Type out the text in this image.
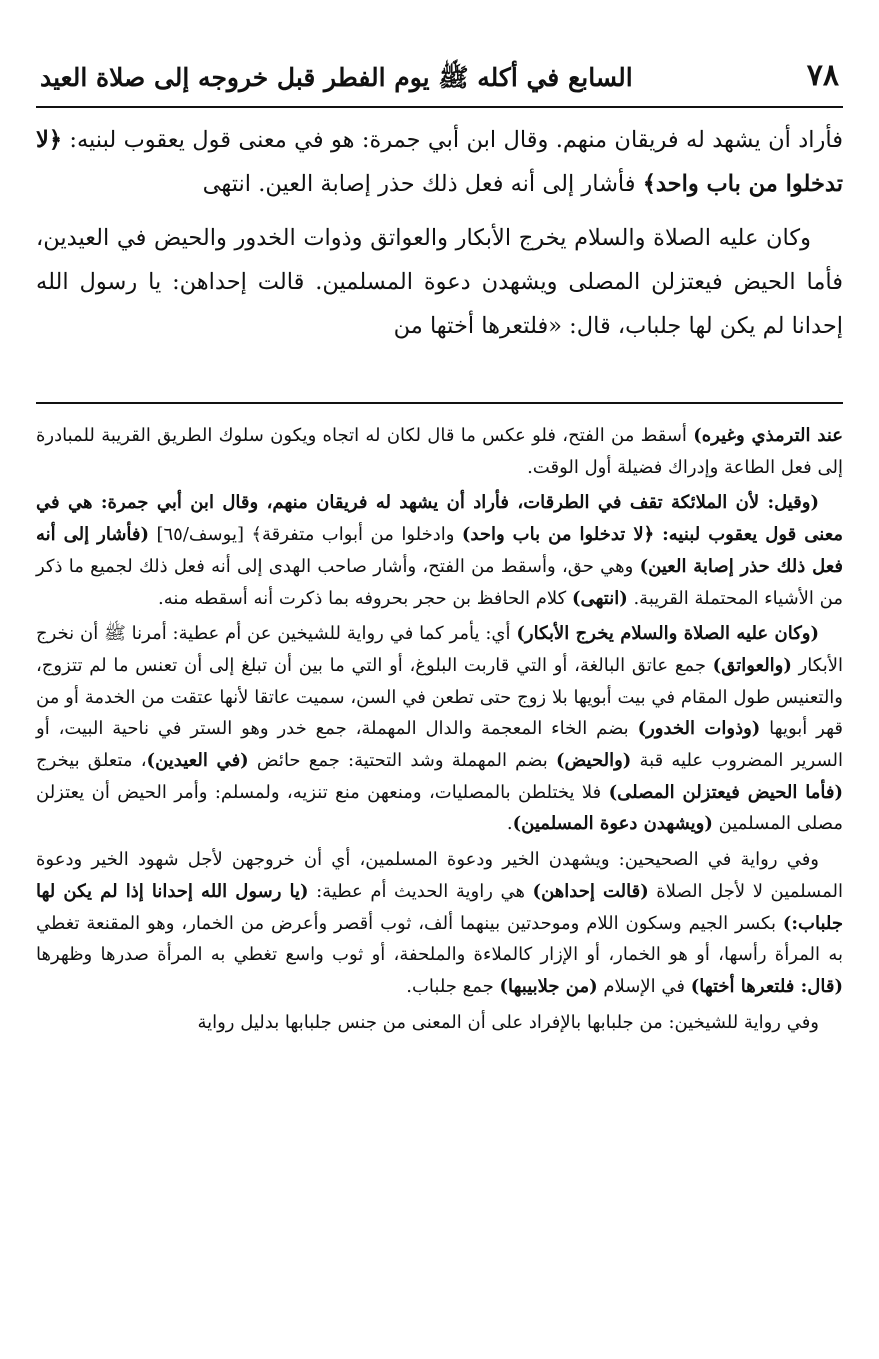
٧٨
السابع في أكله ﷺ يوم الفطر قبل خروجه إلى صلاة العيد

فأراد أن يشهد له فريقان منهم. وقال ابن أبي جمرة: هو في معنى قول يعقوب لبنيه: ﴿لا تدخلوا من باب واحد﴾ فأشار إلى أنه فعل ذلك حذر إصابة العين. انتهى

وكان عليه الصلاة والسلام يخرج الأبكار والعواتق وذوات الخدور والحيض في العيدين، فأما الحيض فيعتزلن المصلى ويشهدن دعوة المسلمين. قالت إحداهن: يا رسول الله إحدانا لم يكن لها جلباب، قال: «فلتعرها أختها من

عند الترمذي وغيره) أسقط من الفتح، فلو عكس ما قال لكان له اتجاه ويكون سلوك الطريق القريبة للمبادرة إلى فعل الطاعة وإدراك فضيلة أول الوقت.

(وقيل: لأن الملائكة تقف في الطرقات، فأراد أن يشهد له فريقان منهم، وقال ابن أبي جمرة: هي في معنى قول يعقوب لبنيه: ﴿لا تدخلوا من باب واحد) وادخلوا من أبواب متفرقة﴾ [يوسف/٦٥] (فأشار إلى أنه فعل ذلك حذر إصابة العين) وهي حق، وأسقط من الفتح، وأشار صاحب الهدى إلى أنه فعل ذلك لجميع ما ذكر من الأشياء المحتملة القريبة. (انتهى) كلام الحافظ بن حجر بحروفه بما ذكرت أنه أسقطه منه.

(وكان عليه الصلاة والسلام يخرج الأبكار) أي: يأمر كما في رواية للشيخين عن أم عطية: أمرنا ﷺ أن نخرج الأبكار (والعواتق) جمع عاتق البالغة، أو التي قاربت البلوغ، أو التي ما بين أن تبلغ إلى أن تعنس ما لم تتزوج، والتعنيس طول المقام في بيت أبويها بلا زوج حتى تطعن في السن، سميت عاتقا لأنها عتقت من الخدمة أو من قهر أبويها (وذوات الخدور) بضم الخاء المعجمة والدال المهملة، جمع خدر وهو الستر في ناحية البيت، أو السرير المضروب عليه قبة (والحيض) بضم المهملة وشد التحتية: جمع حائض (في العيدين)، متعلق بيخرج (فأما الحيض فيعتزلن المصلى) فلا يختلطن بالمصليات، ومنعهن منع تنزيه، ولمسلم: وأمر الحيض أن يعتزلن مصلى المسلمين (ويشهدن دعوة المسلمين).

وفي رواية في الصحيحين: ويشهدن الخير ودعوة المسلمين، أي أن خروجهن لأجل شهود الخير ودعوة المسلمين لا لأجل الصلاة (قالت إحداهن) هي راوية الحديث أم عطية: (يا رسول الله إحدانا إذا لم يكن لها جلباب:) بكسر الجيم وسكون اللام وموحدتين بينهما ألف، ثوب أقصر وأعرض من الخمار، وهو المقنعة تغطي به المرأة رأسها، أو هو الخمار، أو الإزار كالملاءة والملحفة، أو ثوب واسع تغطي به المرأة صدرها وظهرها (قال: فلتعرها أختها) في الإسلام (من جلابيبها) جمع جلباب.

وفي رواية للشيخين: من جلبابها بالإفراد على أن المعنى من جنس جلبابها بدليل رواية
